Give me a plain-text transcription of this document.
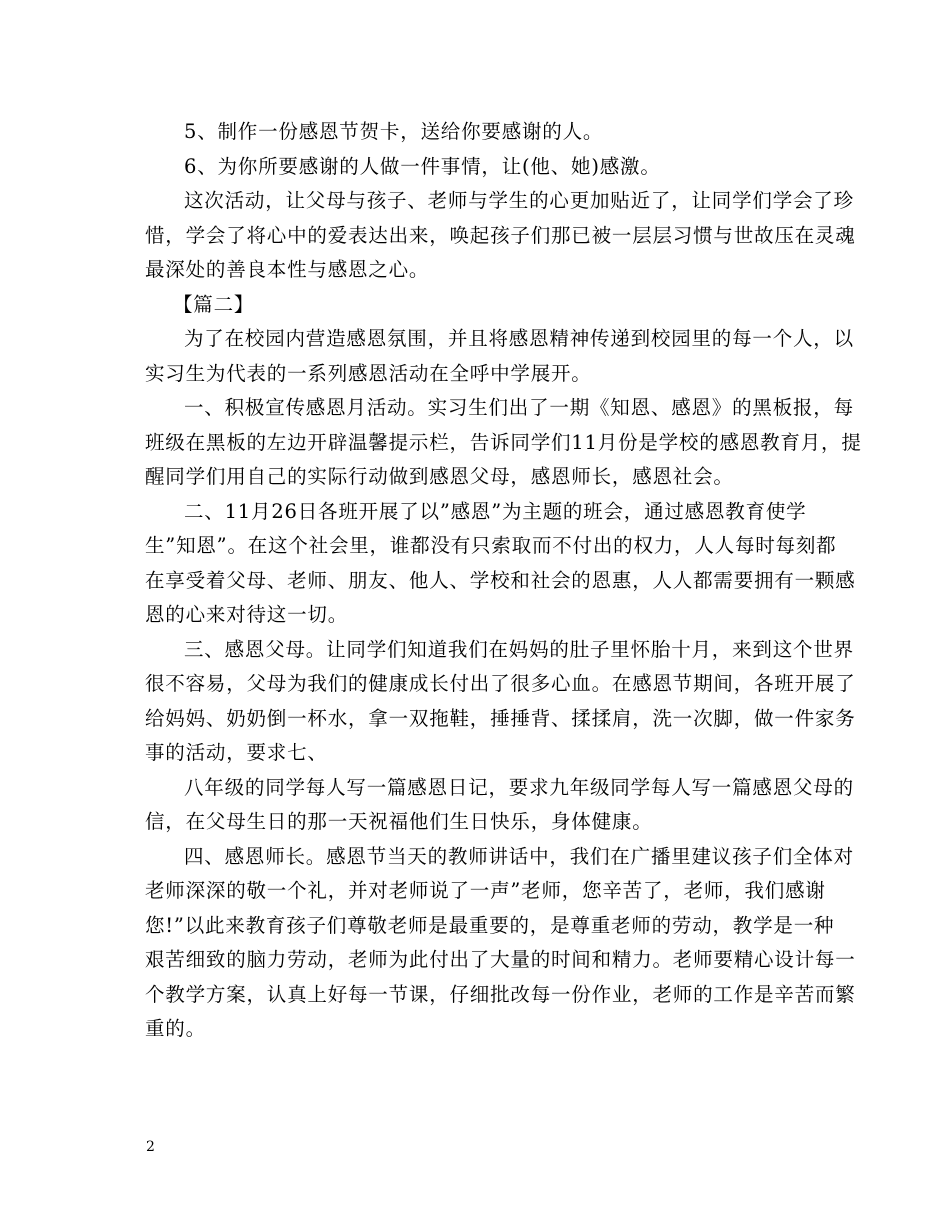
5、制作一份感恩节贺卡，送给你要感谢的人。
6、为你所要感谢的人做一件事情，让(他、她)感激。
这次活动，让父母与孩子、老师与学生的心更加贴近了，让同学们学会了珍
惜，学会了将心中的爱表达出来，唤起孩子们那已被一层层习惯与世故压在灵魂
最深处的善良本性与感恩之心。
【篇二】
为了在校园内营造感恩氛围，并且将感恩精神传递到校园里的每一个人，以
实习生为代表的一系列感恩活动在全呼中学展开。
一、积极宣传感恩月活动。实习生们出了一期《知恩、感恩》的黑板报，每
班级在黑板的左边开辟温馨提示栏，告诉同学们11月份是学校的感恩教育月，提
醒同学们用自己的实际行动做到感恩父母，感恩师长，感恩社会。
二、11月26日各班开展了以”感恩”为主题的班会，通过感恩教育使学
生”知恩”。在这个社会里，谁都没有只索取而不付出的权力，人人每时每刻都
在享受着父母、老师、朋友、他人、学校和社会的恩惠，人人都需要拥有一颗感
恩的心来对待这一切。
三、感恩父母。让同学们知道我们在妈妈的肚子里怀胎十月，来到这个世界
很不容易，父母为我们的健康成长付出了很多心血。在感恩节期间，各班开展了
给妈妈、奶奶倒一杯水，拿一双拖鞋，捶捶背、揉揉肩，洗一次脚，做一件家务
事的活动，要求七、
八年级的同学每人写一篇感恩日记，要求九年级同学每人写一篇感恩父母的
信，在父母生日的那一天祝福他们生日快乐，身体健康。
四、感恩师长。感恩节当天的教师讲话中，我们在广播里建议孩子们全体对
老师深深的敬一个礼，并对老师说了一声”老师，您辛苦了，老师，我们感谢
您!”以此来教育孩子们尊敬老师是最重要的，是尊重老师的劳动，教学是一种
艰苦细致的脑力劳动，老师为此付出了大量的时间和精力。老师要精心设计每一
个教学方案，认真上好每一节课，仔细批改每一份作业，老师的工作是辛苦而繁
重的。
2
